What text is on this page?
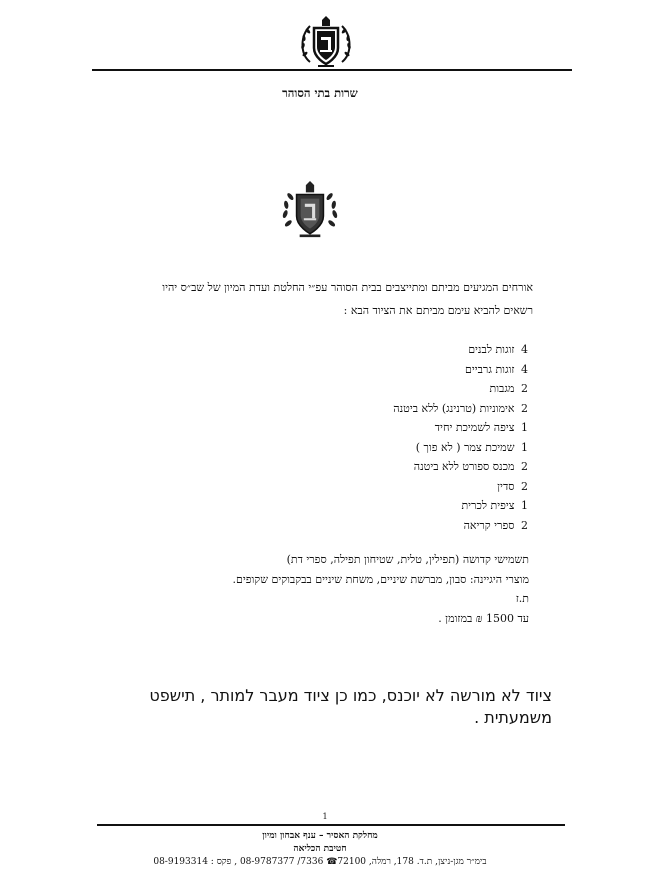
שרות בתי הסוהר
אורחים המגיעים מביתם ומתייצבים בבית הסוהר עפ״י החלטת ועדת המיון של שב״ס יהיו
רשאים להביא עימם מביתם את הציוד הבא :
4 זוגות לבנים
4 זוגות גרביים
2 מגבות
2 אימוניות (טרנינג) ללא ביטנה
1 ציפה לשמיכת יחיד
1 שמיכת צמר ( לא פוך )
2 מכנס ספורט ללא ביטנה
2 סדין
1 ציפית לכרית
2 ספרי קריאה
תשמישי קדושה (תפילין, טלית, שטיחון תפילה, ספרי דת)
מוצרי היגיינה: סבון, מברשת שיניים, משחת שיניים בבקבוקים שקופים.
ת.ז
עד 1500 ₪ במזומן .
ציוד לא מורשה לא יוכנס, כמו כן ציוד מעבר למותר , תישפט
משמעתית .
1
מחלקת האסיר – ענף אבחון ומיון
חטיבת הכליאה
בימ״ר מגן-ניצן, ת.ד. 178, רמלה, 72100☎ 7336/ 08-9787377 , פקס : 08-9193314
